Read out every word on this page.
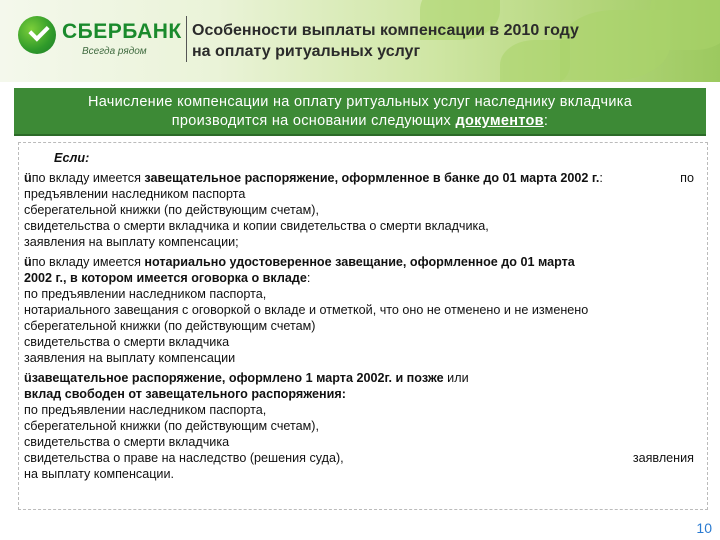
СБЕРБАНК
Всегда рядом
Особенности выплаты компенсации в 2010 году
на оплату ритуальных услуг
Начисление компенсации на оплату ритуальных услуг наследнику вкладчика
производится на основании следующих документов:
Если:
üпо вкладу имеется завещательное распоряжение, оформленное в банке до 01 марта 2002 г.:	по
предъявлении наследником паспорта
сберегательной книжки (по действующим счетам),
свидетельства о смерти вкладчика и копии свидетельства о смерти вкладчика,
заявления на выплату компенсации;
üпо вкладу имеется нотариально удостоверенное завещание, оформленное до 01 марта
2002 г., в котором имеется оговорка о вкладе:
по предъявлении наследником паспорта,
нотариального завещания с оговоркой о вкладе и отметкой, что оно не отменено и не изменено
сберегательной книжки (по действующим счетам)
свидетельства о смерти вкладчика
заявления на выплату компенсации
üзавещательное распоряжение, оформлено 1 марта 2002г. и позже или
вклад свободен от завещательного распоряжения:
по предъявлении наследником паспорта,
сберегательной книжки (по действующим счетам),
свидетельства о смерти вкладчика
свидетельства о праве на наследство (решения суда),	заявления
на выплату компенсации.
10
